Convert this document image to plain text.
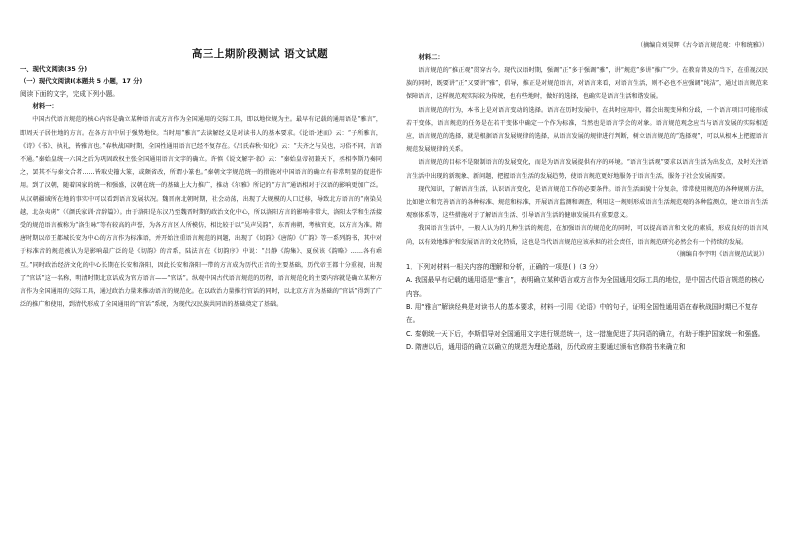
高三上期阶段测试 语文试题

一、现代文阅读(35 分)

（一）现代文阅读Ⅰ(本题共 5 小题，17 分)

阅读下面的文字，完成下列小题。

材料一：

中国古代语言规范的核心内容是确立某种语言或方言作为全国通用的交际工具，即以地位规为主。最早有记载的通用语是“雅言”，即周天子居住地的方言。在各方言中居于强势地位。当时用“雅言”去读解经义是对读书人的基本要求。《论语·述而》云：“子所雅言，《诗》《书》、执礼，皆雅言也。”春秋战国时期，全国性通用语言已经不复存在。《吕氏春秋·知化》云：“夫齐之与吴也，习俗不同，言语不通。”秦始皇统一六国之后为巩固政权主张全国通用语言文字的确立。许慎《说文解字·叙》云：“秦始皇帝初兼天下，丞相李斯乃奏同之，罢其不与秦文合者……皆取史籀大篆，或颇省改，所谓小篆也。”秦朝文字规范统一的措施对中国语言的确立有非常明显的促进作用。到了汉朝，随着国家的统一和强盛，汉朝在统一的基础上大力推广，推动《尔雅》所记的“方言”通语相对于汉语的影响更加广泛。从汉朝疆域所在地的事实中可以看到语言发展状况。魏晋南北朝时期，社会动荡，出现了大规模的人口迁移，导致北方语言的“南染吴越，北杂夷虏”（《颜氏家训·音辞篇》）。由于洛阳是东汉乃至魏晋时期的政治文化中心，所以洛阳方言的影响非常大，洛阳太学和生活接受的规范语言被称为“洛生咏”等有较高的声誉，为各方言区人所模仿，相比较于以“吴声吴韵”，东晋南朝，考核官吏，以方言为准。隋唐时期以帝王都城长安为中心的方言作为标准语，并开始注重语言规范的问题，出现了《切韵》《唐韵》《广韵》等一系列韵书，其中对于标准音的规范被认为是影响最广泛的是《切韵》的音系，陆法言在《切韵序》中说：“吕静《韵集》、夏侯该《韵略》……各有乖互。”同时政治经济文化的中心长期在长安和洛阳，因此长安和洛阳一带的方言成为历代正音的主要基础，历代帝王都十分重视，出现了“官话”这一名称，明清时期北京话成为官方语言——“官话”。纵观中国古代语言规范的历程，语言规范化的主要内容就是确立某种方言作为全国通用的交际工具，通过政治力量来推动语言的规范化。在以政治力量推行官话的同时，以北京方言为基础的“官话”得到了广泛的推广和使用，到清代形成了全国通用的“官话”系统，为现代汉民族共同语的基础奠定了基础。

（摘编自刘昊辉《古今语言规范观：中和统雅》）

材料二：

语言规范的“推正观”贯穿古今。现代汉语时期，强调“正”多于强调“雅”，讲“规范”多讲“推广”少。在教育普及的当下，在重视汉民族的同时，既要讲“正”又要讲“雅”，倡导，推正是对规范语言，对语言来看，对语言生活，则不必也不应强调“纯洁”，通过语言规范来保障语言，这样规范观实际较为传统，也有些地时，做好的选择，也确实是语言生活和谐发展。

语言规范的行为，本书上是对语言变动的选择。语言在历时发展中，在共时应用中，都会出现变异和分歧，一个语言项目可能形成若干变体，语言规范的任务是在若干变体中确定一个作为标准，当然也是语言学会的对象。语言规范观念应当与语言发展的实际相适应，语言规范的选择，就是根据语言发展规律的选择，从语言发展的规律进行判断，树立语言规范的“选择观”，可以从根本上把握语言规范发展规律的关系。

语言规范的目标不是限制语言的发展变化，而是为语言发展提供有序的环境。“语言生活观”要求以语言生活为出发点，及时关注语言生活中出现的新现象、新问题，把握语言生活的发展趋势，使语言规范更好地服务于语言生活，服务于社会发展需要。

现代知识，了解语言生活，认识语言变化，是语言规范工作的必要条件。语言生活面貌十分复杂，常常使用规范的各种规则方法，比如建立和完善语言的各种标准、规范和标准，开展语言监测和调查，利用这一规则形成语言生活规范观的各种监测点，建立语言生活观察体系等，这些措施对于了解语言生活、引导语言生活的健康发展具有重要意义。

我国语言生活中，一般人认为的几种生活的规范，在加强语言的规范化的同时，可以提高语言和文化的素质，形成良好的语言风尚，以有效地维护和发展语言的文化特质，这也是当代语言规范应该承担的社会责任，语言规范研究必然会有一个持续的发展。

（摘编自李宇明《语言规范试说》）

1．下列对材料一相关内容的理解和分析，正确的一项是( )（3 分）

A. 我国最早有记载的通用语是“雅言”，表明确立某种语言或方言作为全国通用交际工具的地位，是中国古代语言规范的核心内容。

B. 用“雅言”解读经典是对读书人的基本要求，材料一引用《论语》中的句子，证明全国性通用语在春秋战国时期已不复存在。

C. 秦朝统一天下后，李斯倡导对全国通用文字进行规范统一，这一措施促进了共同语的确立，有助于维护国家统一和强盛。

D. 隋唐以后，通用语的确立以确立的规范为理论基础，历代政府主要通过颁布官修韵书来确立和
